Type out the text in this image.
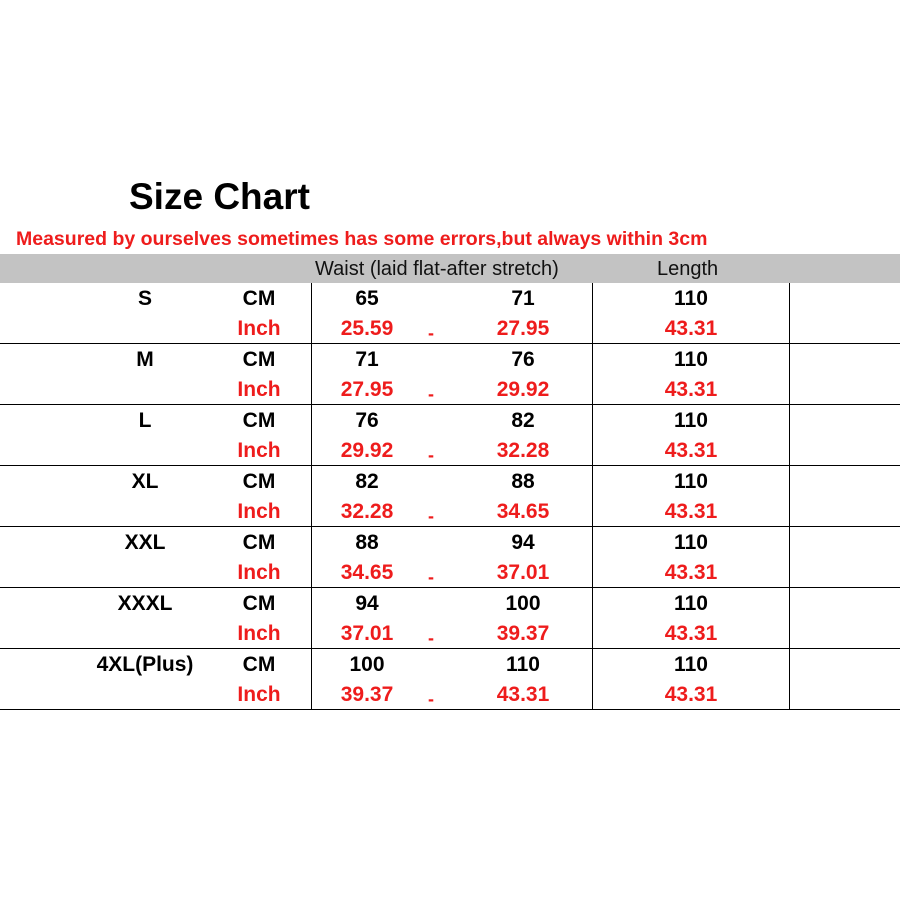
Size Chart
Measured by ourselves sometimes has some errors,but always within 3cm
Waist (laid flat-after stretch)	Length
S	CM	65	71	110
Inch	25.59 -	27.95	43.31
M	CM	71	76	110
Inch	27.95 -	29.92	43.31
L	CM	76	82	110
Inch	29.92 -	32.28	43.31
XL	CM	82	88	110
Inch	32.28 -	34.65	43.31
XXL	CM	88	94	110
Inch	34.65 -	37.01	43.31
XXXL	CM	94	100	110
Inch	37.01 -	39.37	43.31
4XL(Plus) CM	100	110	110
Inch	39.37 -	43.31	43.31
